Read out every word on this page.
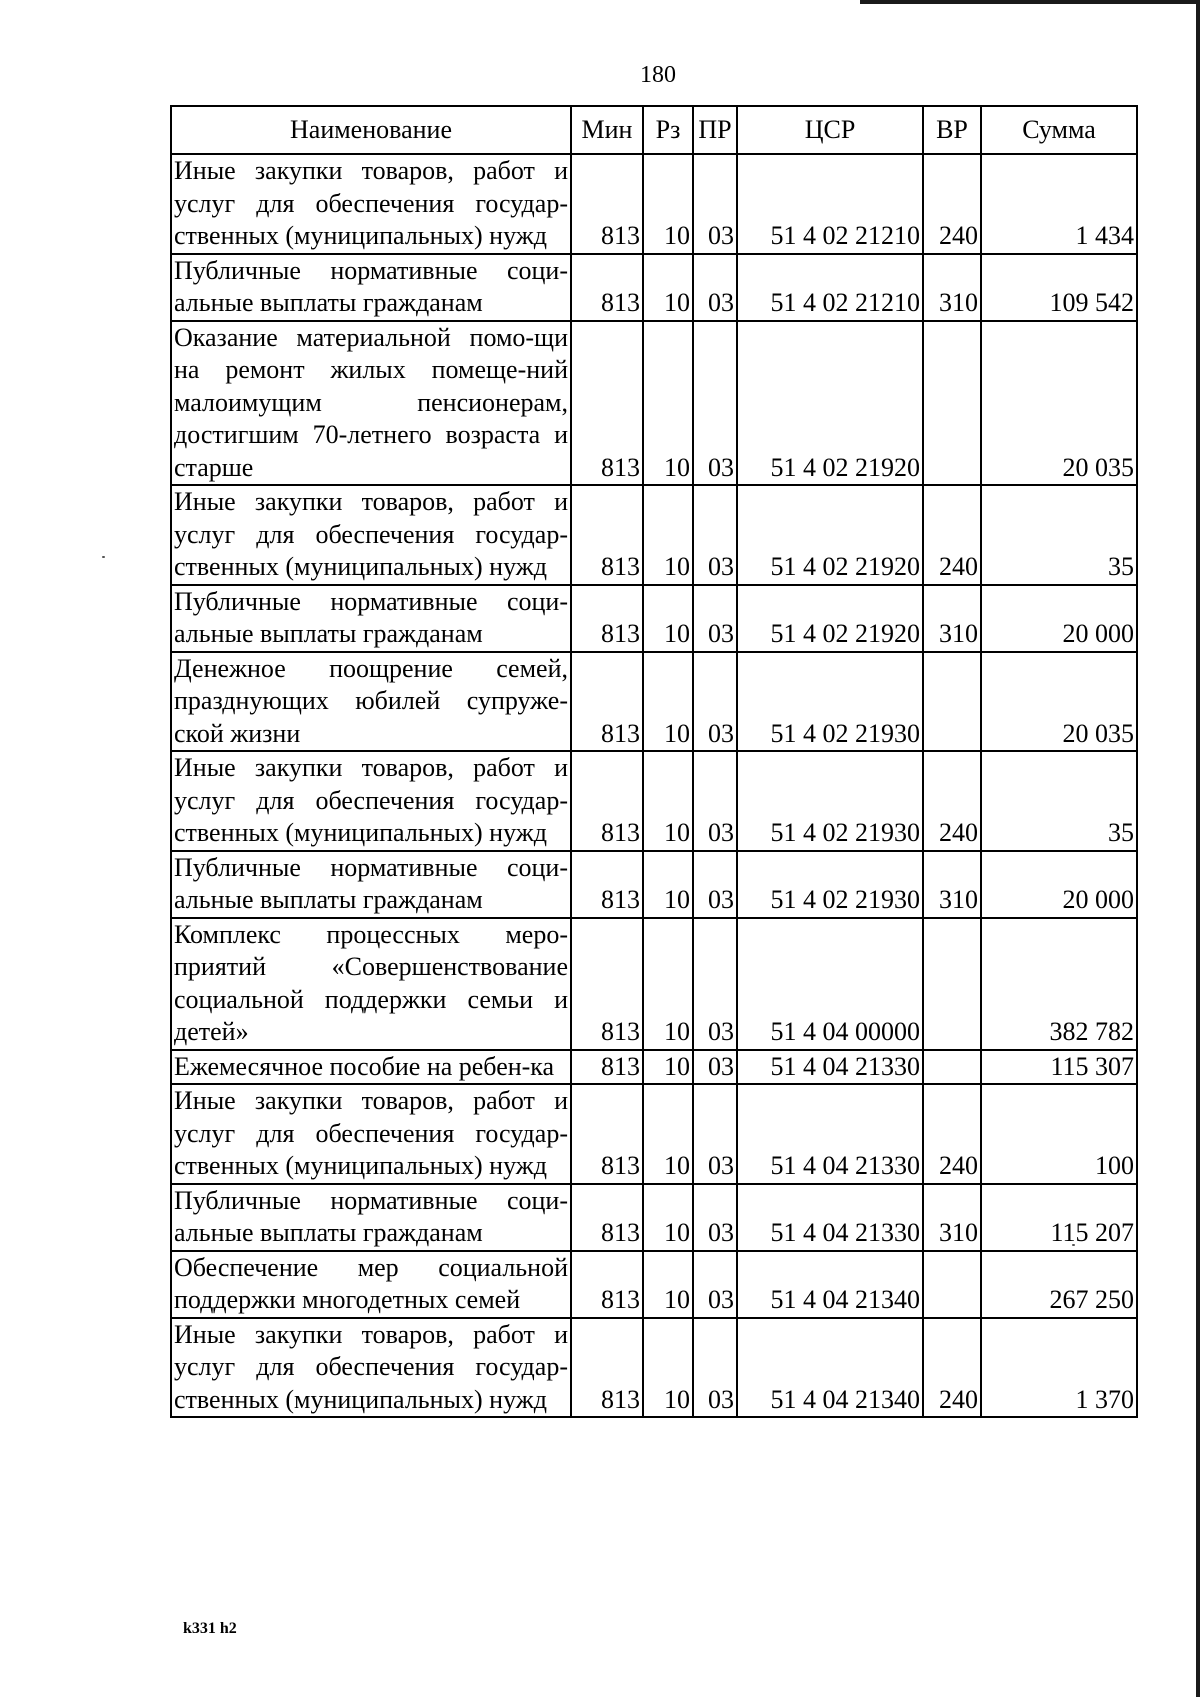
180
Наименование	Мин	Рз	ПР	ЦСР	ВР	Сумма
Иные закупки товаров, работ и услуг для обеспечения государ-ственных (муниципальных) нужд	813	10	03	51 4 02 21210	240	1 434
Публичные нормативные соци-альные выплаты гражданам	813	10	03	51 4 02 21210	310	109 542
Оказание материальной помо-щи на ремонт жилых помеще-ний малоимущим пенсионерам, достигшим 70-летнего возраста и старше	813	10	03	51 4 02 21920		20 035
Иные закупки товаров, работ и услуг для обеспечения государ-ственных (муниципальных) нужд	813	10	03	51 4 02 21920	240	35
Публичные нормативные соци-альные выплаты гражданам	813	10	03	51 4 02 21920	310	20 000
Денежное поощрение семей, празднующих юбилей супруже-ской жизни	813	10	03	51 4 02 21930		20 035
Иные закупки товаров, работ и услуг для обеспечения государ-ственных (муниципальных) нужд	813	10	03	51 4 02 21930	240	35
Публичные нормативные соци-альные выплаты гражданам	813	10	03	51 4 02 21930	310	20 000
Комплекс процессных меро-приятий «Совершенствование социальной поддержки семьи и детей»	813	10	03	51 4 04 00000		382 782
Ежемесячное пособие на ребен-ка	813	10	03	51 4 04 21330		115 307
Иные закупки товаров, работ и услуг для обеспечения государ-ственных (муниципальных) нужд	813	10	03	51 4 04 21330	240	100
Публичные нормативные соци-альные выплаты гражданам	813	10	03	51 4 04 21330	310	115 207
Обеспечение мер социальной поддержки многодетных семей	813	10	03	51 4 04 21340		267 250
Иные закупки товаров, работ и услуг для обеспечения государ-ственных (муниципальных) нужд	813	10	03	51 4 04 21340	240	1 370
k331 h2
